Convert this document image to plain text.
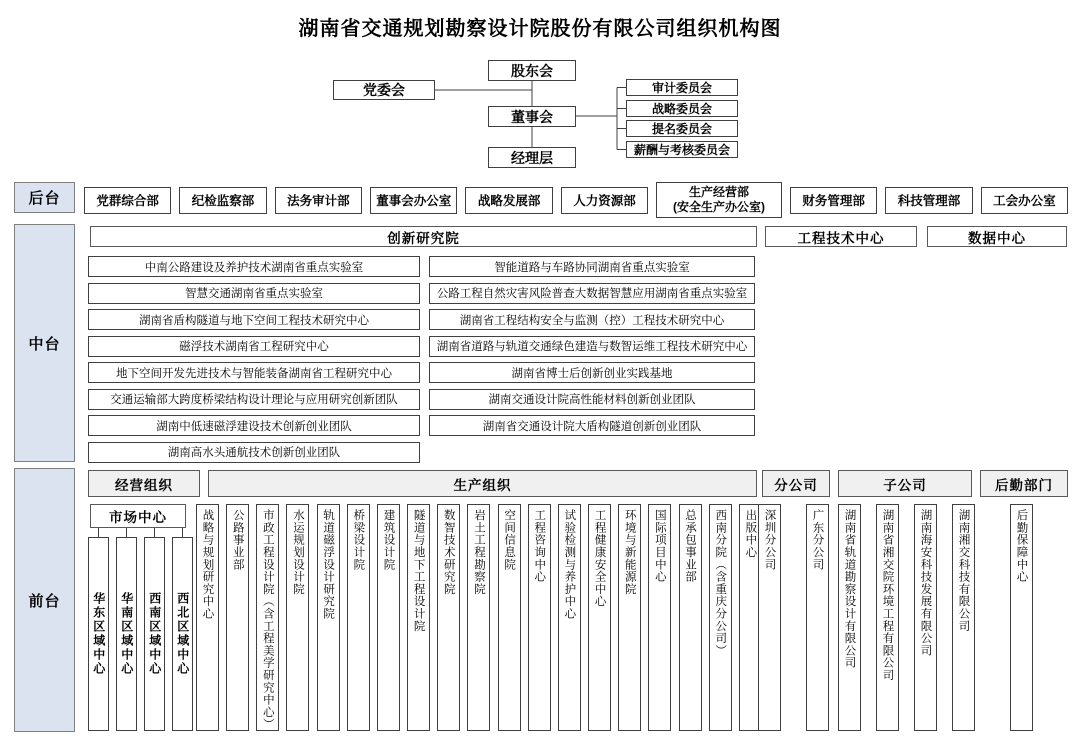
湖南省交通规划勘察设计院股份有限公司组织机构图
股东会
党委会
董事会
经理层
审计委员会
战略委员会
提名委员会
薪酬与考核委员会
后台	党群综合部	纪检监察部	法务审计部	董事会办公室	战略发展部	人力资源部
生产经营部
(安全生产办公室)	财务管理部	科技管理部	工会办公室
中台
创新研究院	工程技术中心	数据中心
中南公路建设及养护技术湖南省重点实验室
智慧交通湖南省重点实验室
湖南省盾构隧道与地下空间工程技术研究中心
磁浮技术湖南省工程研究中心
地下空间开发先进技术与智能装备湖南省工程研究中心
交通运输部大跨度桥梁结构设计理论与应用研究创新团队
湖南中低速磁浮建设技术创新创业团队
湖南高水头通航技术创新创业团队
智能道路与车路协同湖南省重点实验室
公路工程自然灾害风险普查大数据智慧应用湖南省重点实验室
湖南省工程结构安全与监测（控）工程技术研究中心
湖南省道路与轨道交通绿色建造与数智运维工程技术研究中心
湖南省博士后创新创业实践基地
湖南交通设计院高性能材料创新创业团队
湖南省交通设计院大盾构隧道创新创业团队
前台
经营组织	生产组织	分公司	子公司	后勤部门
市场中心
华东区域中心 华南区域中心 西南区域中心 西北区域中心
战略与规划研究中心 公路事业部 市政工程设计院（含工程美学研究中心） 水运规划设计院 轨道磁浮设计研究院 桥梁设计院 建筑设计院 隧道与地下工程设计院 数智技术研究院 岩土工程勘察院 空间信息院 工程咨询中心 试验检测与养护中心 工程健康安全中心 环境与新能源院 国际项目中心 总承包事业部 西南分院（含重庆分公司） 出版中心 深圳分公司	广东分公司 湖南省轨道勘察设计有限公司 湖南省湘交院环境工程有限公司 湖南海安科技发展有限公司 湖南湘交科技有限公司	后勤保障中心
